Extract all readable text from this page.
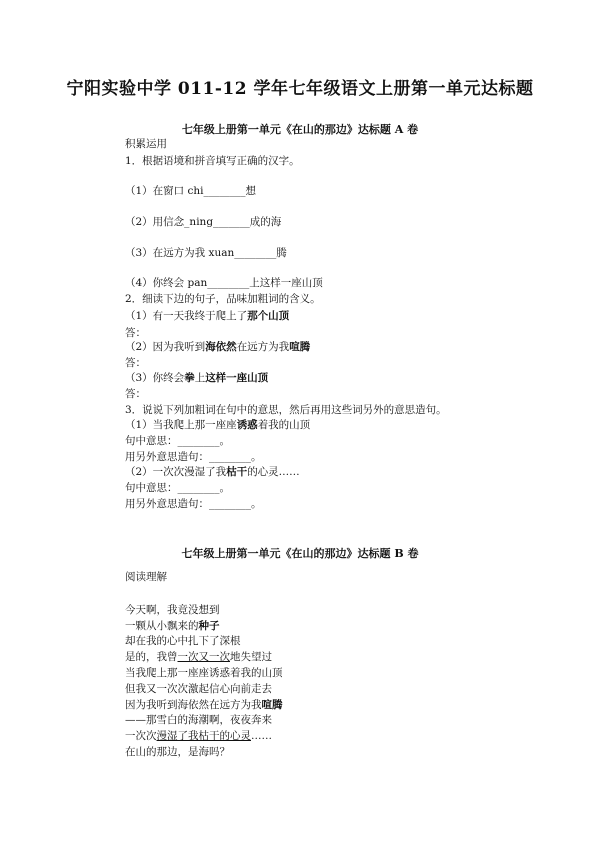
宁阳实验中学 011-12 学年七年级语文上册第一单元达标题
七年级上册第一单元《在山的那边》达标题 A 卷
积累运用
1．根据语境和拼音填写正确的汉字。
（1）在窗口 chi________想
（2）用信念_ning_______成的海
（3）在远方为我 xuan________腾
（4）你终会 pan________上这样一座山顶
2．细读下边的句子，品味加粗词的含义。
（1）有一天我终于爬上了那个山顶
答：
（2）因为我听到海依然在远方为我喧腾
答：
（3）你终会拳上这样一座山顶
答：
3．说说下列加粗词在句中的意思，然后再用这些词另外的意思造句。
（1）当我爬上那一座座诱惑着我的山顶
句中意思：________。
用另外意思造句：________。
（2）一次次漫湿了我枯干的心灵……
句中意思：________。
用另外意思造句：________。
七年级上册第一单元《在山的那边》达标题 B 卷
阅读理解
今天啊，我竟没想到
一颗从小飘来的种子
却在我的心中扎下了深根
是的，我曾一次又一次地失望过
当我爬上那一座座诱惑着我的山顶
但我又一次次激起信心向前走去
因为我听到海依然在远方为我喧腾
——那雪白的海潮啊，夜夜奔来
一次次漫湿了我枯干的心灵……
在山的那边，是海吗？
